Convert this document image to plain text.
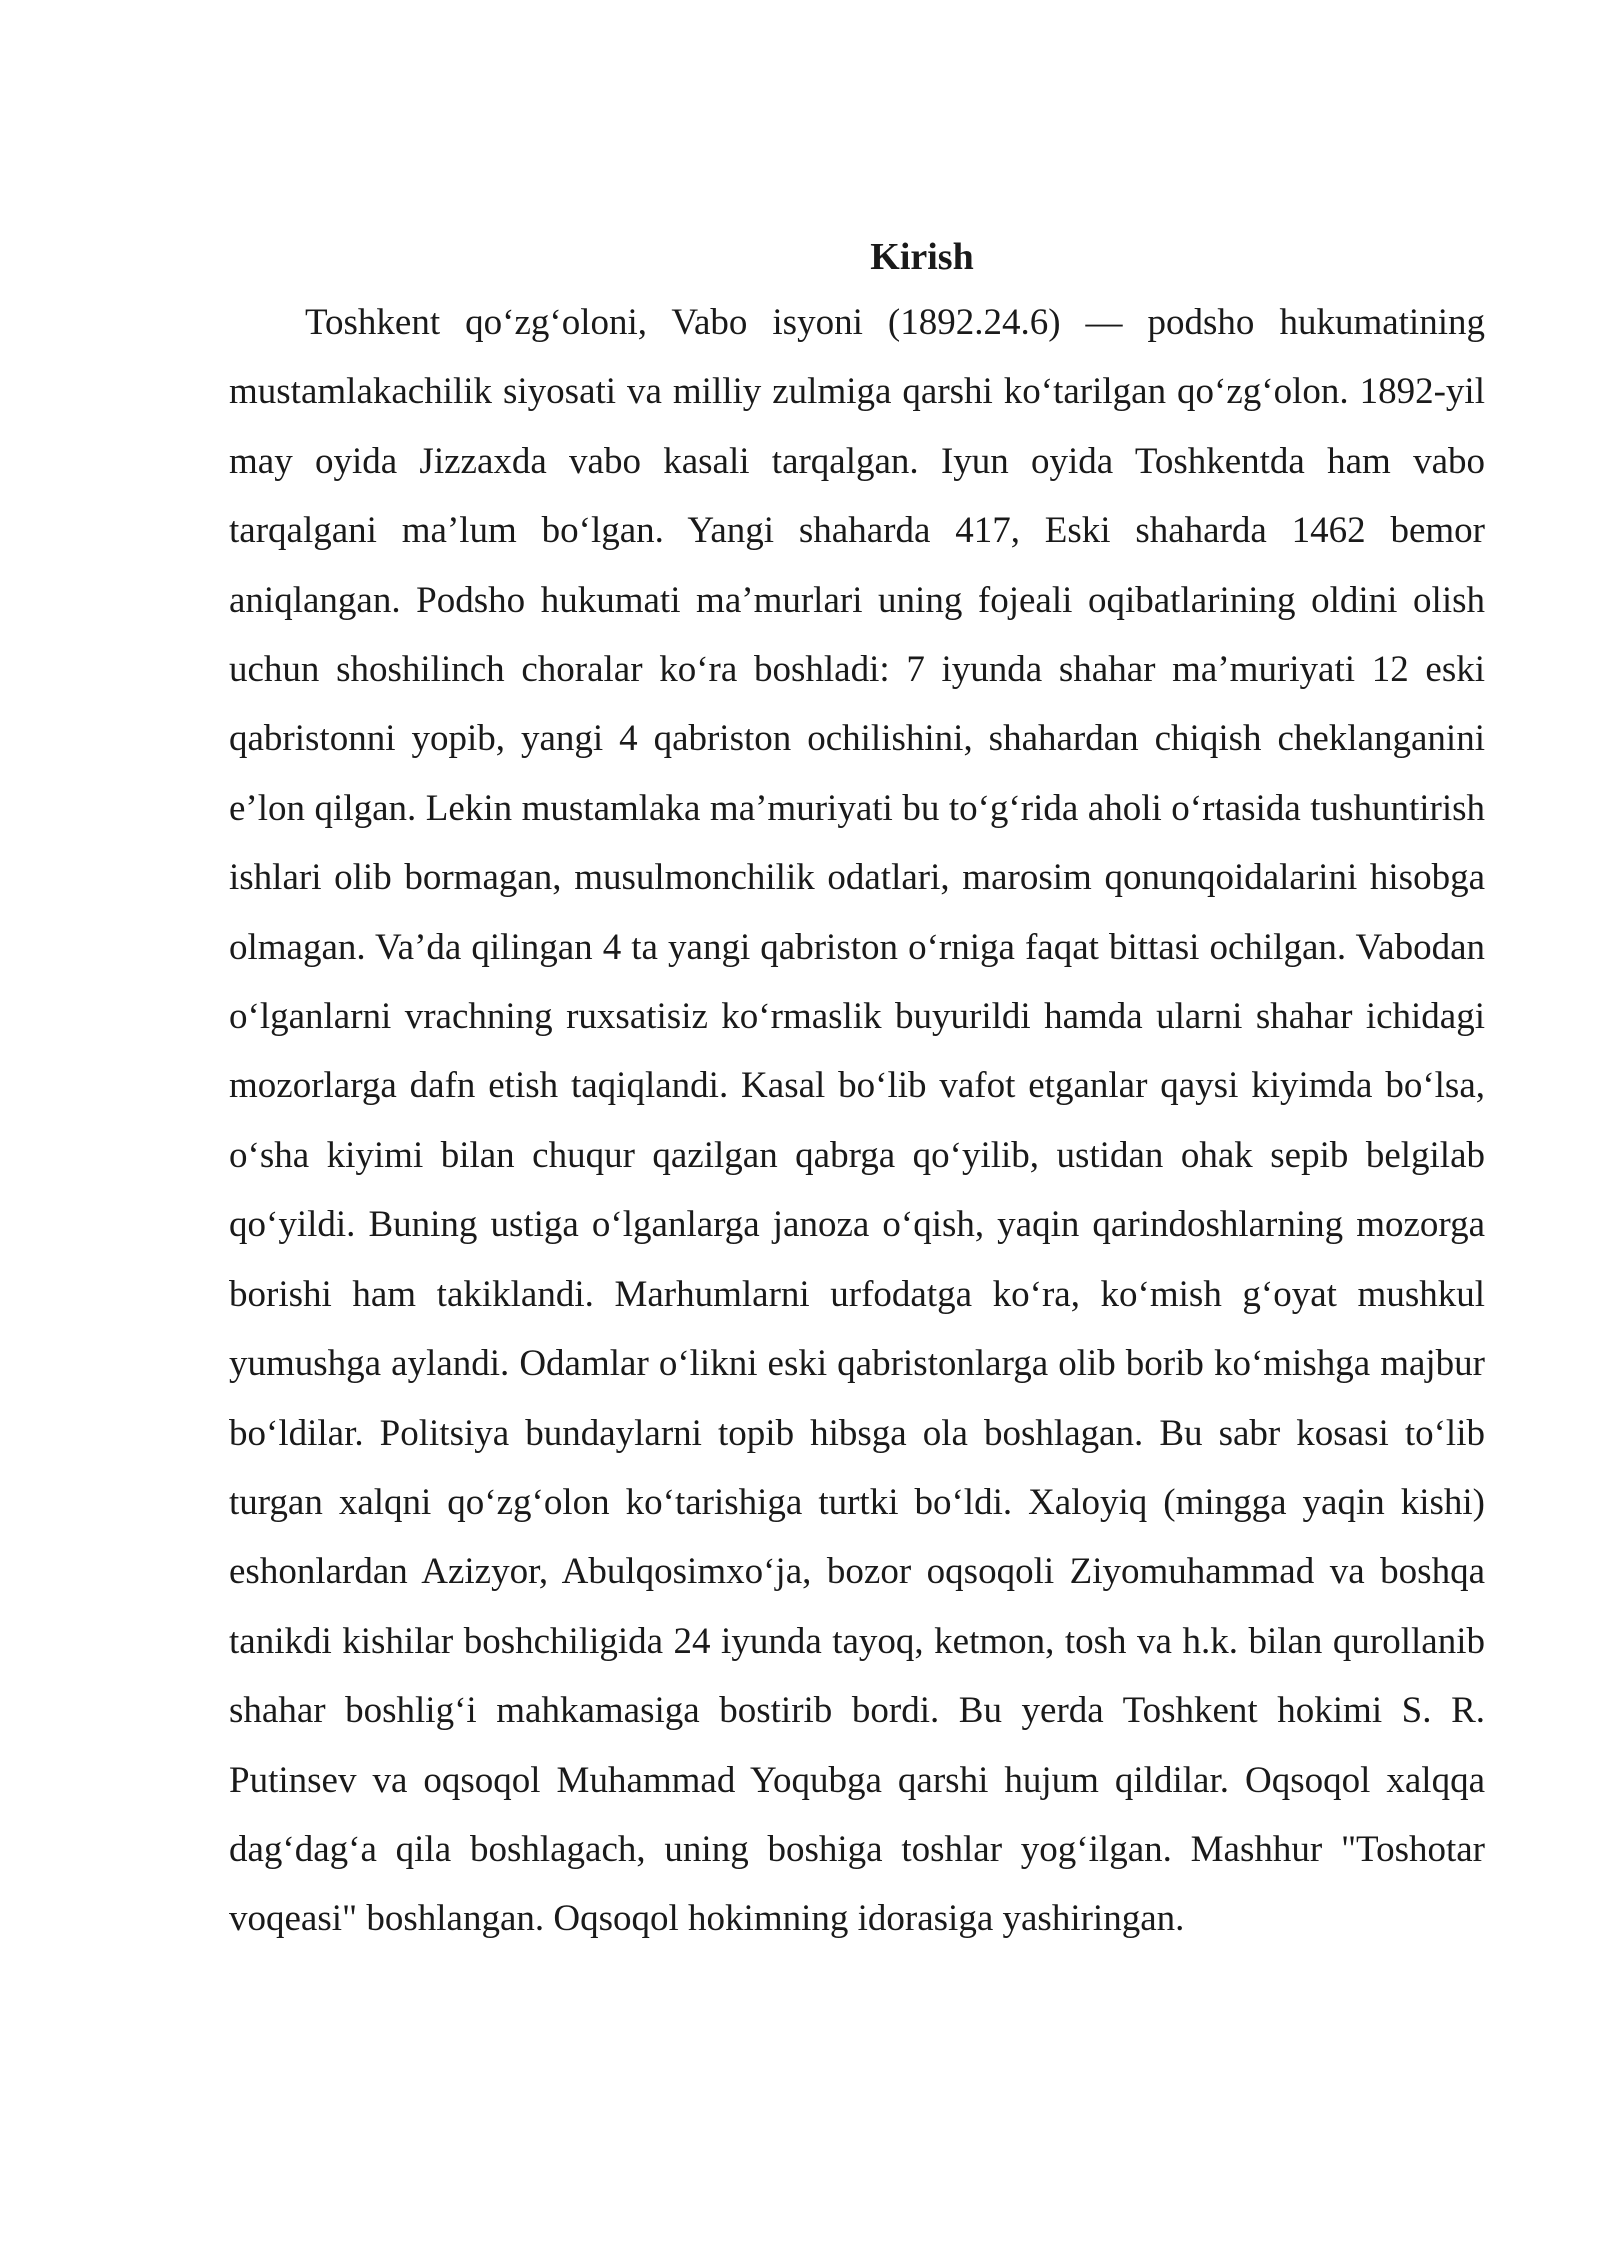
Kirish

Toshkent qo‘zg‘oloni, Vabo isyoni (1892.24.6) — podsho hukumatining mustamlakachilik siyosati va milliy zulmiga qarshi ko‘tarilgan qo‘zg‘olon. 1892-yil may oyida Jizzaxda vabo kasali tarqalgan. Iyun oyida Toshkentda ham vabo tarqalgani ma’lum bo‘lgan. Yangi shaharda 417, Eski shaharda 1462 bemor aniqlangan. Podsho hukumati ma’murlari uning fojeali oqibatlarining oldini olish uchun shoshilinch choralar ko‘ra boshladi: 7 iyunda shahar ma’muriyati 12 eski qabristonni yopib, yangi 4 qabriston ochilishini, shahardan chiqish cheklanganini e’lon qilgan. Lekin mustamlaka ma’muriyati bu to‘g‘rida aholi o‘rtasida tushuntirish ishlari olib bormagan, musulmonchilik odatlari, marosim qonunqoidalarini hisobga olmagan. Va’da qilingan 4 ta yangi qabriston o‘rniga faqat bittasi ochilgan. Vabodan o‘lganlarni vrachning ruxsatisiz ko‘rmaslik buyurildi hamda ularni shahar ichidagi mozorlarga dafn etish taqiqlandi. Kasal bo‘lib vafot etganlar qaysi kiyimda bo‘lsa, o‘sha kiyimi bilan chuqur qazilgan qabrga qo‘yilib, ustidan ohak sepib belgilab qo‘yildi. Buning ustiga o‘lganlarga janoza o‘qish, yaqin qarindoshlarning mozorga borishi ham takiklandi. Marhumlarni urfodatga ko‘ra, ko‘mish g‘oyat mushkul yumushga aylandi. Odamlar o‘likni eski qabristonlarga olib borib ko‘mishga majbur bo‘ldilar. Politsiya bundaylarni topib hibsga ola boshlagan. Bu sabr kosasi to‘lib turgan xalqni qo‘zg‘olon ko‘tarishiga turtki bo‘ldi. Xaloyiq (mingga yaqin kishi) eshonlardan Azizyor, Abulqosimxo‘ja, bozor oqsoqoli Ziyomuhammad va boshqa tanikdi kishilar boshchiligida 24 iyunda tayoq, ketmon, tosh va h.k. bilan qurollanib shahar boshlig‘i mahkamasiga bostirib bordi. Bu yerda Toshkent hokimi S. R. Putinsev va oqsoqol Muhammad Yoqubga qarshi hujum qildilar. Oqsoqol xalqqa dag‘dag‘a qila boshlagach, uning boshiga toshlar yog‘ilgan. Mashhur "Toshotar voqeasi" boshlangan. Oqsoqol hokimning idorasiga yashiringan.
